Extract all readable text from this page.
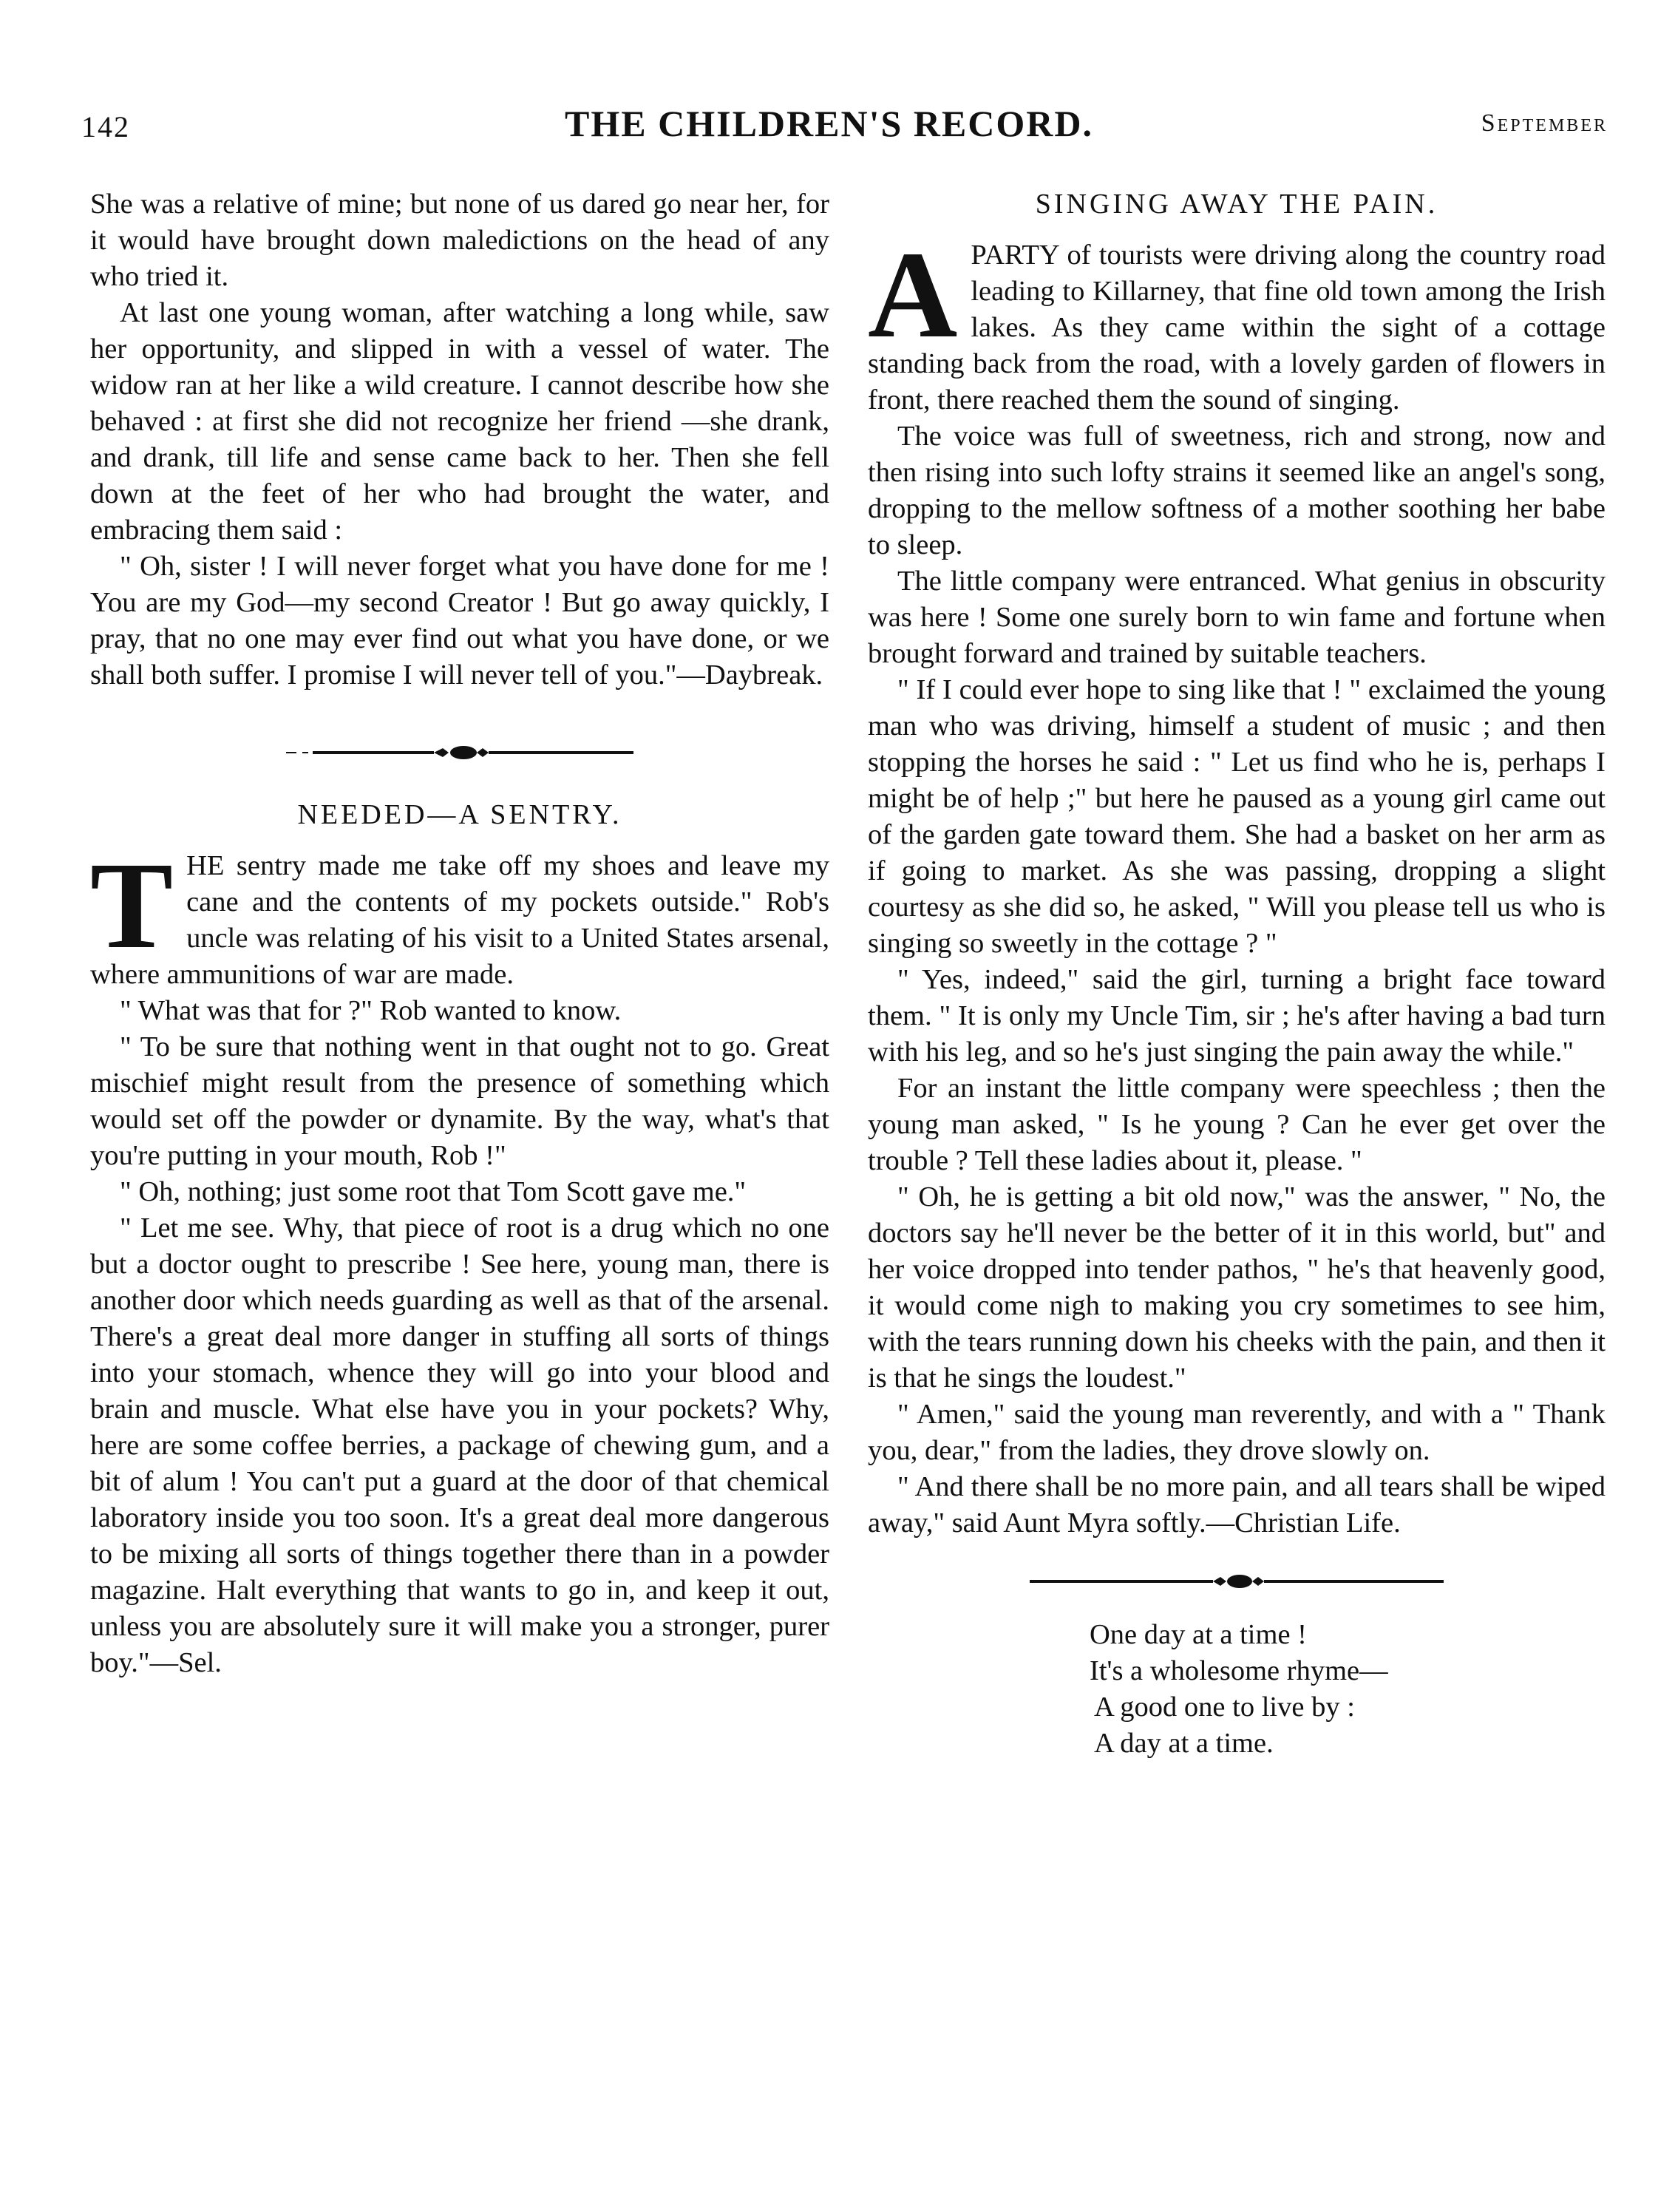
142	THE CHILDREN'S RECORD.	September

She was a relative of mine; but none of us dared go near her, for it would have brought down maledictions on the head of any who tried it.

At last one young woman, after watching a long while, saw her opportunity, and slipped in with a vessel of water. The widow ran at her like a wild creature. I cannot describe how she behaved : at first she did not recognize her friend —she drank, and drank, till life and sense came back to her. Then she fell down at the feet of her who had brought the water, and embracing them said :

" Oh, sister ! I will never forget what you have done for me ! You are my God—my second Creator ! But go away quickly, I pray, that no one may ever find out what you have done, or we shall both suffer. I promise I will never tell of you."—Daybreak.

NEEDED—A SENTRY.

THE sentry made me take off my shoes and leave my cane and the contents of my pockets outside." Rob's uncle was relating of his visit to a United States arsenal, where ammunitions of war are made.

" What was that for ?" Rob wanted to know.

" To be sure that nothing went in that ought not to go. Great mischief might result from the presence of something which would set off the powder or dynamite. By the way, what's that you're putting in your mouth, Rob !"

" Oh, nothing; just some root that Tom Scott gave me."

" Let me see. Why, that piece of root is a drug which no one but a doctor ought to prescribe ! See here, young man, there is another door which needs guarding as well as that of the arsenal. There's a great deal more danger in stuffing all sorts of things into your stomach, whence they will go into your blood and brain and muscle. What else have you in your pockets? Why, here are some coffee berries, a package of chewing gum, and a bit of alum ! You can't put a guard at the door of that chemical laboratory inside you too soon. It's a great deal more dangerous to be mixing all sorts of things together there than in a powder magazine. Halt everything that wants to go in, and keep it out, unless you are absolutely sure it will make you a stronger, purer boy."—Sel.

SINGING AWAY THE PAIN.

APARTY of tourists were driving along the country road leading to Killarney, that fine old town among the Irish lakes. As they came within the sight of a cottage standing back from the road, with a lovely garden of flowers in front, there reached them the sound of singing.

The voice was full of sweetness, rich and strong, now and then rising into such lofty strains it seemed like an angel's song, dropping to the mellow softness of a mother soothing her babe to sleep.

The little company were entranced. What genius in obscurity was here ! Some one surely born to win fame and fortune when brought forward and trained by suitable teachers.

" If I could ever hope to sing like that ! " exclaimed the young man who was driving, himself a student of music ; and then stopping the horses he said : " Let us find who he is, perhaps I might be of help ;" but here he paused as a young girl came out of the garden gate toward them. She had a basket on her arm as if going to market. As she was passing, dropping a slight courtesy as she did so, he asked, " Will you please tell us who is singing so sweetly in the cottage ? "

" Yes, indeed," said the girl, turning a bright face toward them. " It is only my Uncle Tim, sir ; he's after having a bad turn with his leg, and so he's just singing the pain away the while."

For an instant the little company were speechless ; then the young man asked, " Is he young ? Can he ever get over the trouble ? Tell these ladies about it, please. "

" Oh, he is getting a bit old now," was the answer, " No, the doctors say he'll never be the better of it in this world, but" and her voice dropped into tender pathos, " he's that heavenly good, it would come nigh to making you cry sometimes to see him, with the tears running down his cheeks with the pain, and then it is that he sings the loudest."

" Amen," said the young man reverently, and with a " Thank you, dear," from the ladies, they drove slowly on.

" And there shall be no more pain, and all tears shall be wiped away," said Aunt Myra softly.—Christian Life.

One day at a time !
It's a wholesome rhyme—
A good one to live by :
A day at a time.
